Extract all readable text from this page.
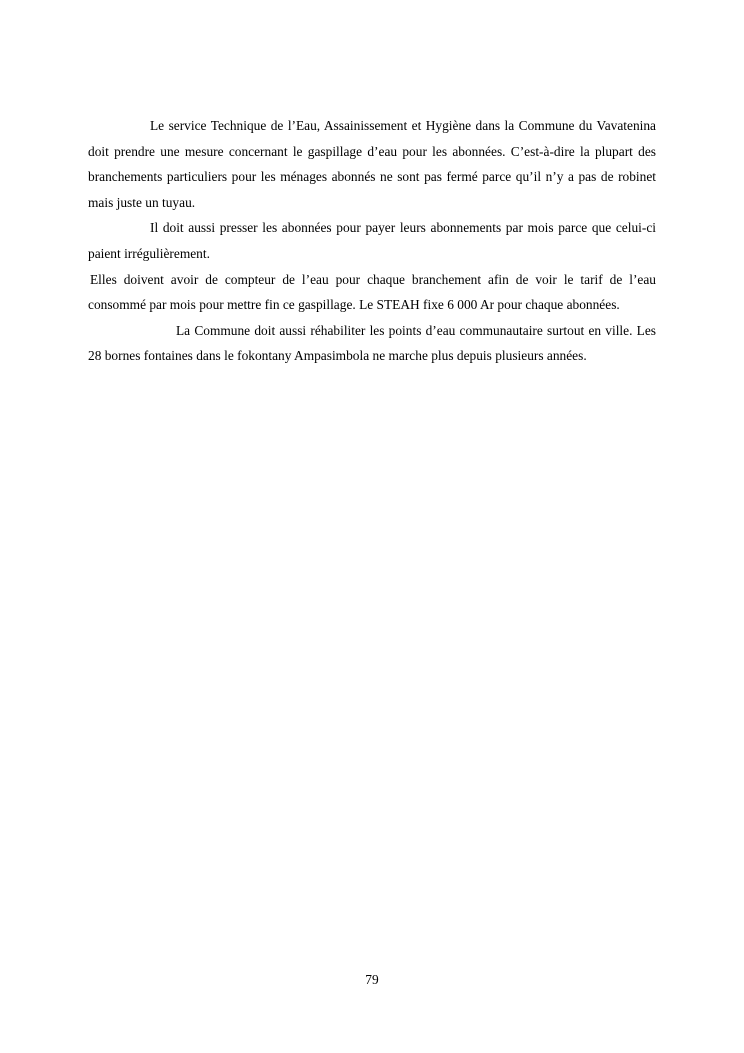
Le service Technique de l’Eau, Assainissement et Hygiène dans la Commune du Vavatenina doit prendre une mesure concernant le gaspillage d’eau pour les abonnées. C’est-à-dire la plupart des branchements particuliers pour les ménages abonnés ne sont pas fermé parce qu’il n’y a pas de robinet mais juste un tuyau.

Il doit aussi presser les abonnées pour payer leurs abonnements par mois parce que celui-ci paient irrégulièrement.

Elles doivent avoir de compteur de l’eau pour chaque branchement afin de voir le tarif de l’eau consommé par mois pour mettre fin ce gaspillage. Le STEAH fixe 6 000 Ar pour chaque abonnées.

La Commune doit aussi réhabiliter les points d’eau communautaire surtout en ville. Les 28 bornes fontaines dans le fokontany Ampasimbola ne marche plus depuis plusieurs années.

79
